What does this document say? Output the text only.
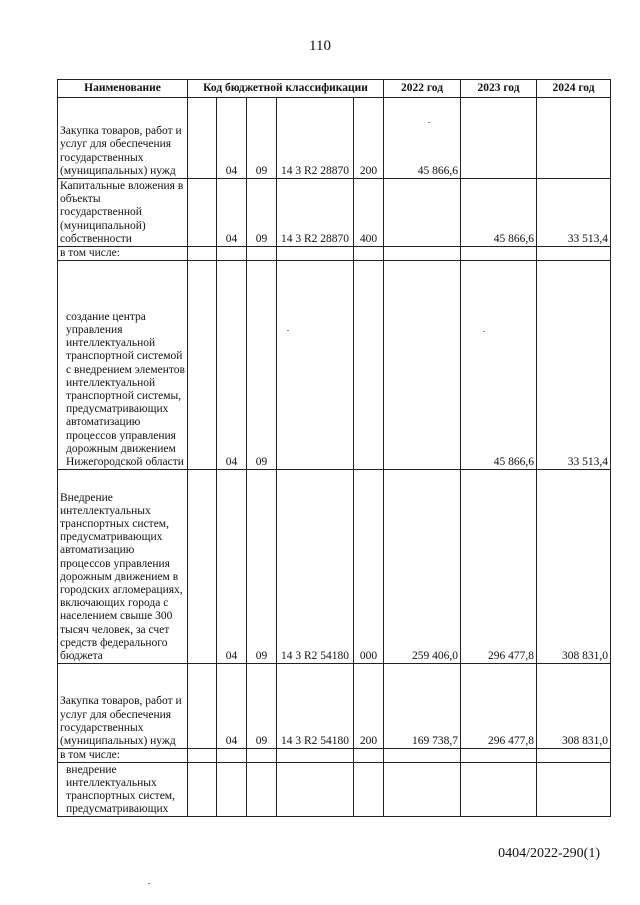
110
Наименование	Код бюджетной классификации					2022 год	2023 год	2024 год
Закупка товаров, работ и услуг для обеспечения государственных (муниципальных) нужд		04	09	14 3 R2 28870	200	45 866,6		
Капитальные вложения в объекты государственной (муниципальной) собственности		04	09	14 3 R2 28870	400		45 866,6	33 513,4
в том числе:								
создание центра управления интеллектуальной транспортной системой с внедрением элементов интеллектуальной транспортной системы, предусматривающих автоматизацию процессов управления дорожным движением Нижегородской области		04	09				45 866,6	33 513,4
Внедрение интеллектуальных транспортных систем, предусматривающих автоматизацию процессов управления дорожным движением в городских агломерациях, включающих города с населением свыше 300 тысяч человек, за счет средств федерального бюджета		04	09	14 3 R2 54180	000	259 406,0	296 477,8	308 831,0
Закупка товаров, работ и услуг для обеспечения государственных (муниципальных) нужд		04	09	14 3 R2 54180	200	169 738,7	296 477,8	308 831,0
в том числе:								
внедрение интеллектуальных транспортных систем, предусматривающих								
0404/2022-290(1)
